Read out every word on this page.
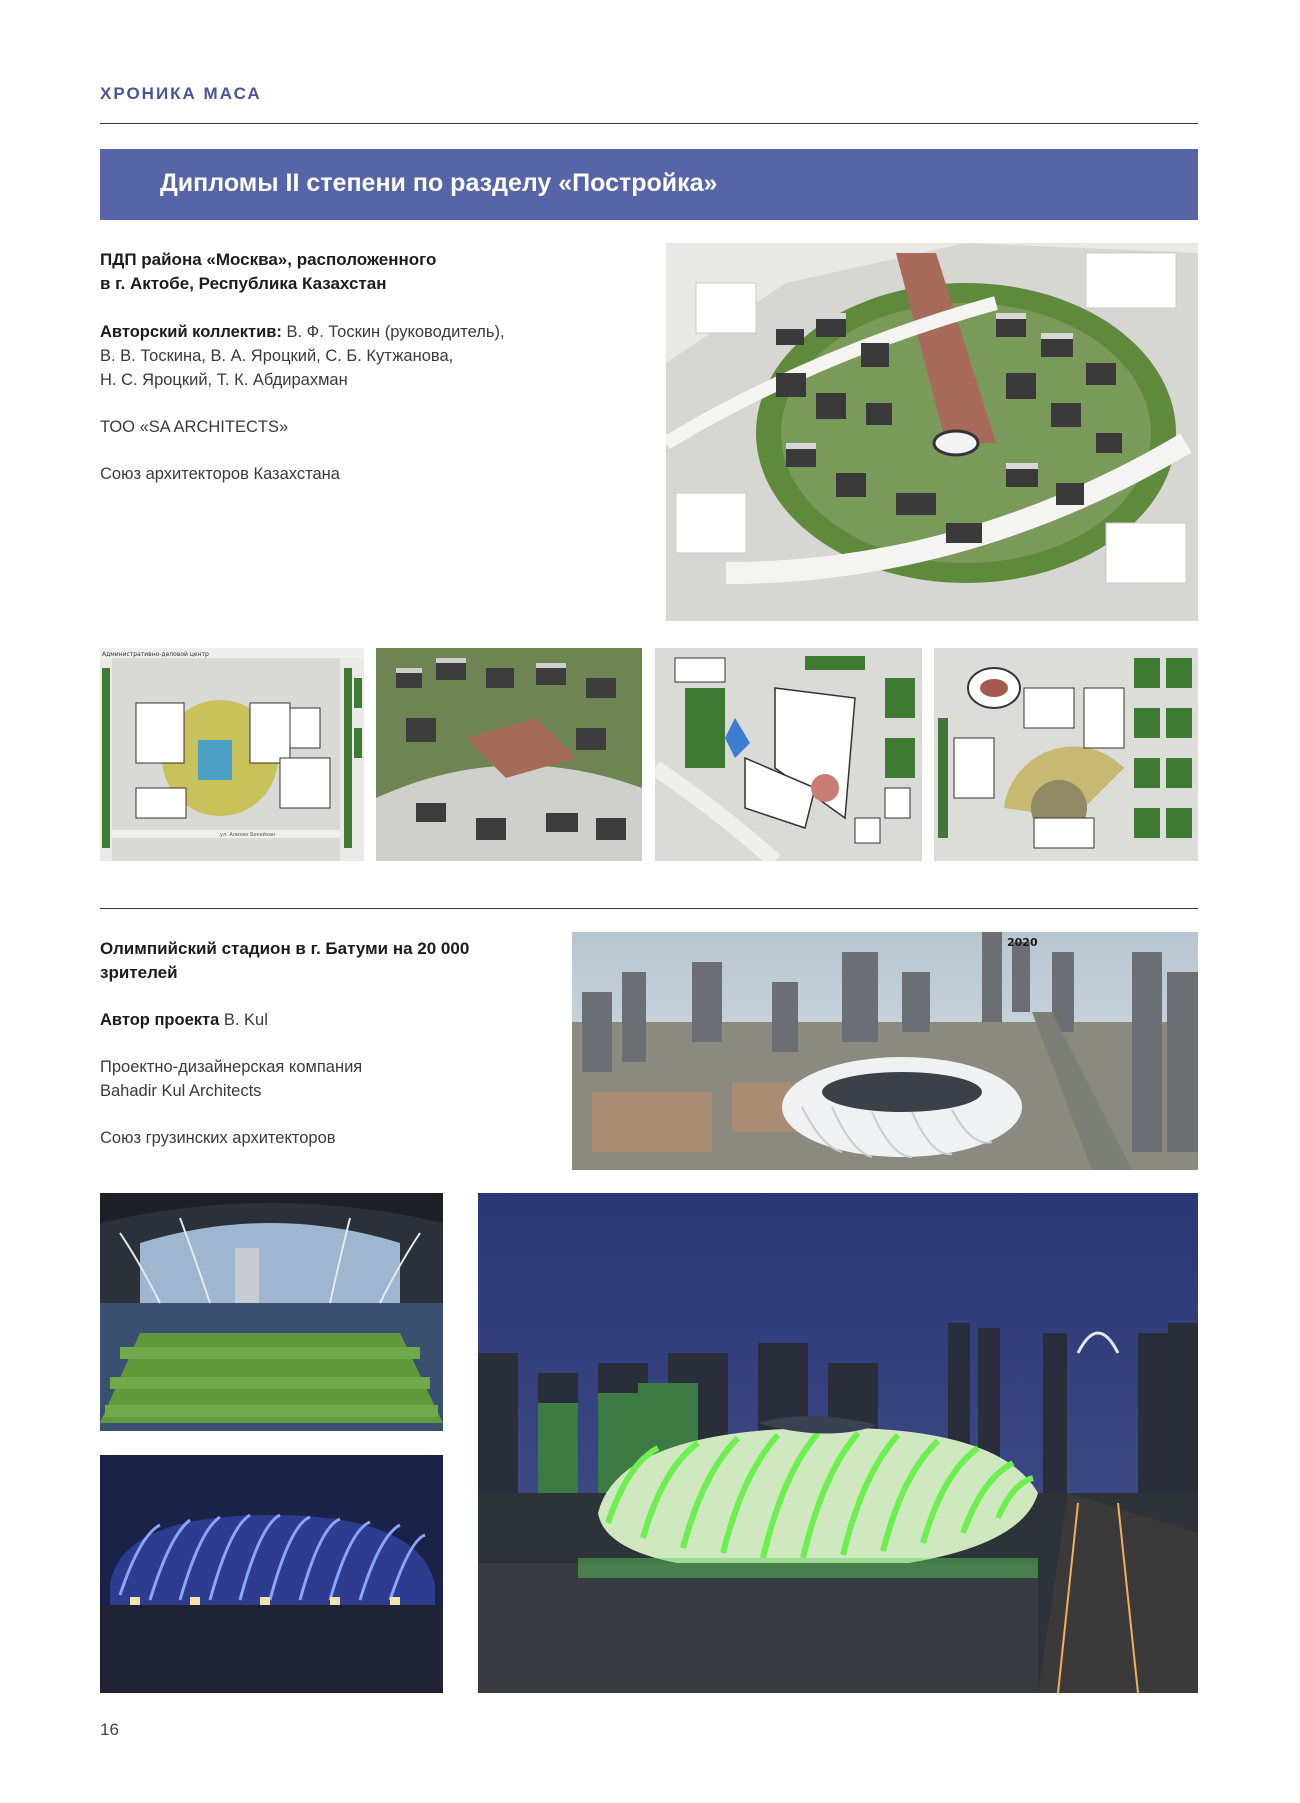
ХРОНИКА МАСА
Дипломы II степени по разделу «Постройка»
ПДП района «Москва», расположенного
в г. Актобе, Республика Казахстан
Авторский коллектив: В. Ф. Тоскин (руководитель),
В. В. Тоскина, В. А. Яроцкий, С. Б. Кутжанова,
Н. С. Яроцкий, Т. К. Абдирахман
ТОО «SA ARCHITECTS»
Союз архитекторов Казахстана
Административно-деловой центр
ул. Алихан Бокейхан
Олимпийский стадион в г. Батуми на 20 000
зрителей
Автор проекта B. Kul
Проектно-дизайнерская компания
Bahadir Kul Architects
Союз грузинских архитекторов
2020
16
